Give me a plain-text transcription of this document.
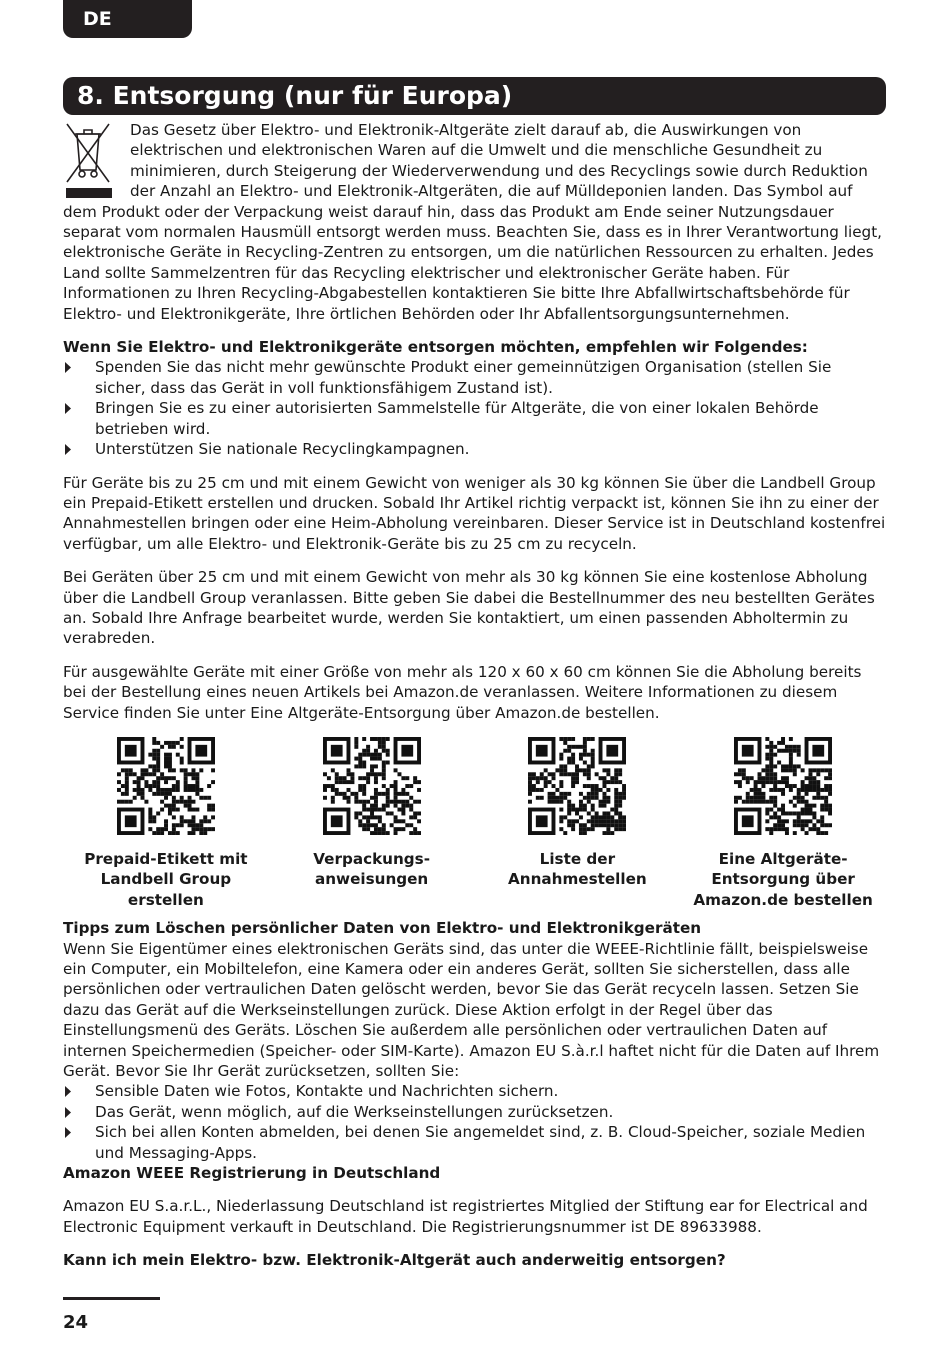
DE
8. Entsorgung (nur für Europa)

Das Gesetz über Elektro- und Elektronik-Altgeräte zielt darauf ab, die Auswirkungen von elektrischen und elektronischen Waren auf die Umwelt und die menschliche Gesundheit zu minimieren, durch Steigerung der Wiederverwendung und des Recyclings sowie durch Reduktion der Anzahl an Elektro- und Elektronik-Altgeräten, die auf Mülldeponien landen. Das Symbol auf dem Produkt oder der Verpackung weist darauf hin, dass das Produkt am Ende seiner Nutzungsdauer separat vom normalen Hausmüll entsorgt werden muss. Beachten Sie, dass es in Ihrer Verantwortung liegt, elektronische Geräte in Recycling-Zentren zu entsorgen, um die natürlichen Ressourcen zu erhalten. Jedes Land sollte Sammelzentren für das Recycling elektrischer und elektronischer Geräte haben. Für Informationen zu Ihren Recycling-Abgabestellen kontaktieren Sie bitte Ihre Abfallwirtschaftsbehörde für Elektro- und Elektronikgeräte, Ihre örtlichen Behörden oder Ihr Abfallentsorgungsunternehmen.

Wenn Sie Elektro- und Elektronikgeräte entsorgen möchten, empfehlen wir Folgendes:

Spenden Sie das nicht mehr gewünschte Produkt einer gemeinnützigen Organisation (stellen Sie sicher, dass das Gerät in voll funktionsfähigem Zustand ist).
Bringen Sie es zu einer autorisierten Sammelstelle für Altgeräte, die von einer lokalen Behörde betrieben wird.
Unterstützen Sie nationale Recyclingkampagnen.

Für Geräte bis zu 25 cm und mit einem Gewicht von weniger als 30 kg können Sie über die Landbell Group ein Prepaid-Etikett erstellen und drucken. Sobald Ihr Artikel richtig verpackt ist, können Sie ihn zu einer der Annahmestellen bringen oder eine Heim-Abholung vereinbaren. Dieser Service ist in Deutschland kostenfrei verfügbar, um alle Elektro- und Elektronik-Geräte bis zu 25 cm zu recyceln.

Bei Geräten über 25 cm und mit einem Gewicht von mehr als 30 kg können Sie eine kostenlose Abholung über die Landbell Group veranlassen. Bitte geben Sie dabei die Bestellnummer des neu bestellten Gerätes an. Sobald Ihre Anfrage bearbeitet wurde, werden Sie kontaktiert, um einen passenden Abholtermin zu verabreden.

Für ausgewählte Geräte mit einer Größe von mehr als 120 x 60 x 60 cm können Sie die Abholung bereits bei der Bestellung eines neuen Artikels bei Amazon.de veranlassen. Weitere Informationen zu diesem Service finden Sie unter Eine Altgeräte-Entsorgung über Amazon.de bestellen.

Prepaid-Etikett mit Landbell Group erstellen
Verpackungs-anweisungen
Liste der Annahmestellen
Eine Altgeräte-Entsorgung über Amazon.de bestellen

Tipps zum Löschen persönlicher Daten von Elektro- und Elektronikgeräten

Wenn Sie Eigentümer eines elektronischen Geräts sind, das unter die WEEE-Richtlinie fällt, beispielsweise ein Computer, ein Mobiltelefon, eine Kamera oder ein anderes Gerät, sollten Sie sicherstellen, dass alle persönlichen oder vertraulichen Daten gelöscht werden, bevor Sie das Gerät recyceln lassen. Setzen Sie dazu das Gerät auf die Werkseinstellungen zurück. Diese Aktion erfolgt in der Regel über das Einstellungsmenü des Geräts. Löschen Sie außerdem alle persönlichen oder vertraulichen Daten auf internen Speichermedien (Speicher- oder SIM-Karte). Amazon EU S.à.r.l haftet nicht für die Daten auf Ihrem Gerät. Bevor Sie Ihr Gerät zurücksetzen, sollten Sie:

Sensible Daten wie Fotos, Kontakte und Nachrichten sichern.
Das Gerät, wenn möglich, auf die Werkseinstellungen zurücksetzen.
Sich bei allen Konten abmelden, bei denen Sie angemeldet sind, z. B. Cloud-Speicher, soziale Medien und Messaging-Apps.

Amazon WEEE Registrierung in Deutschland

Amazon EU S.a.r.L., Niederlassung Deutschland ist registriertes Mitglied der Stiftung ear for Electrical and Electronic Equipment verkauft in Deutschland. Die Registrierungsnummer ist DE 89633988.

Kann ich mein Elektro- bzw. Elektronik-Altgerät auch anderweitig entsorgen?

24
